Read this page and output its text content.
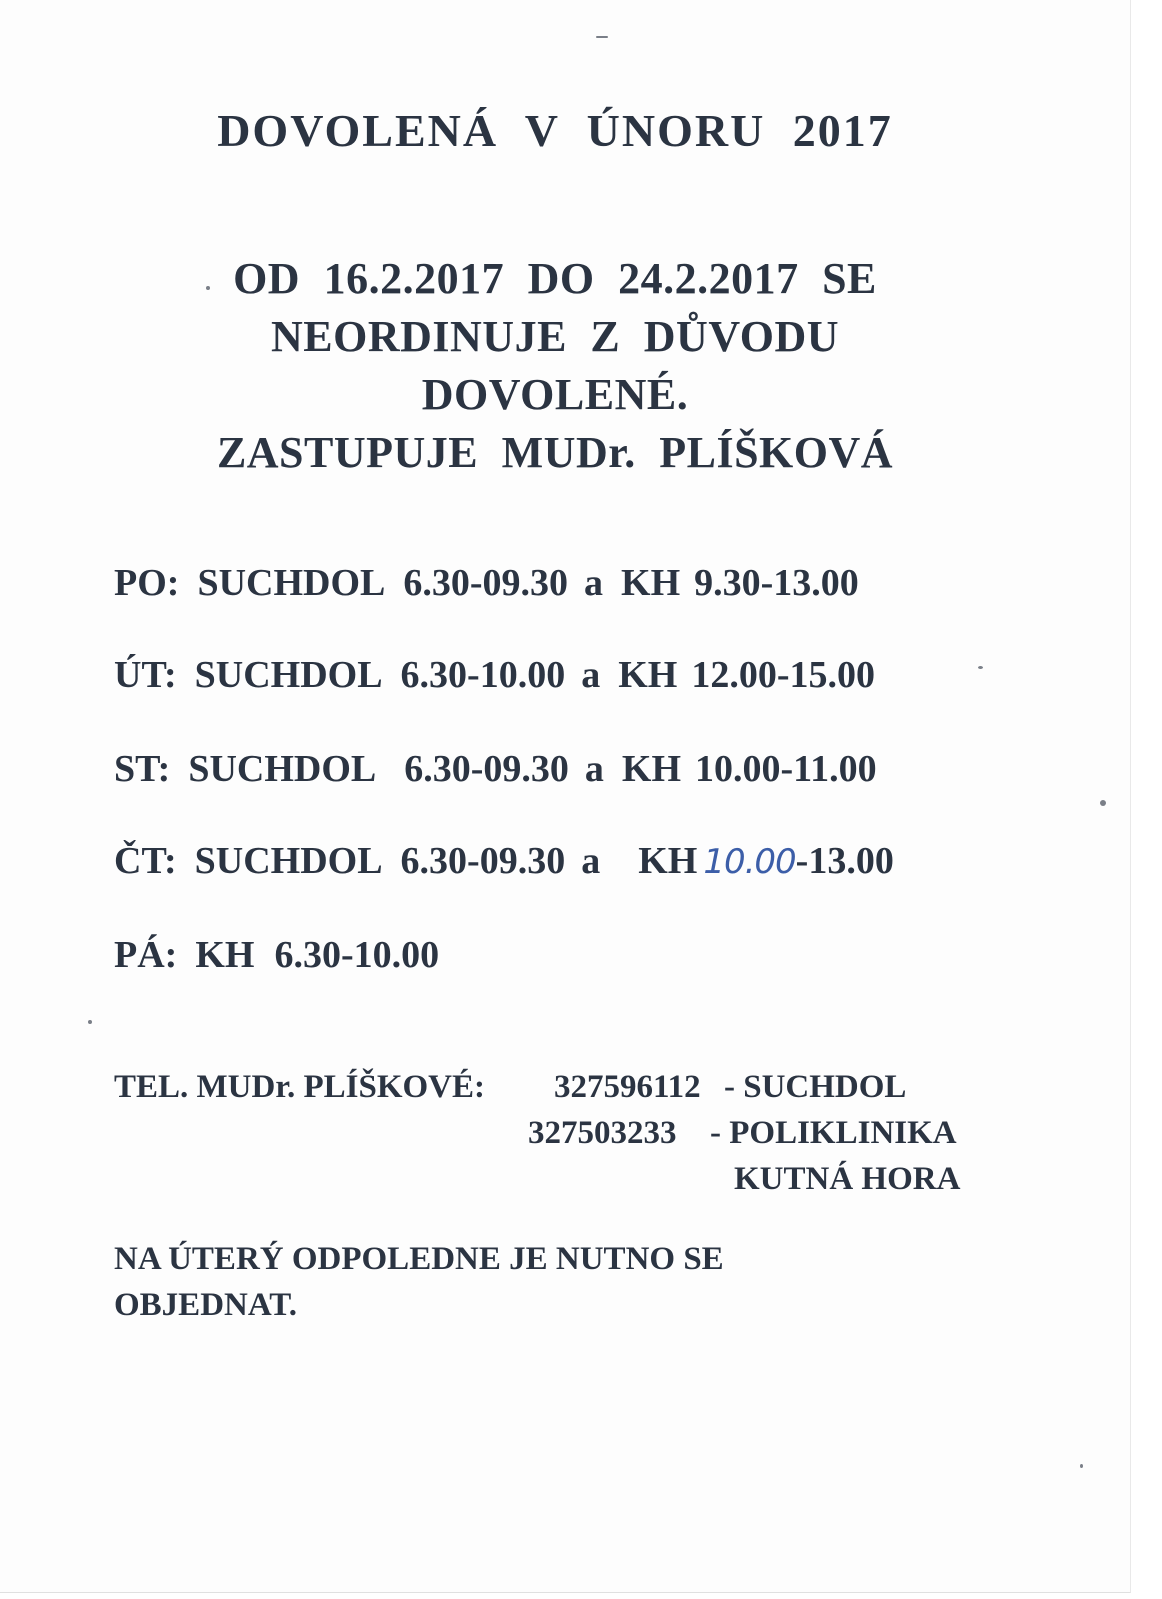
DOVOLENÁ V ÚNORU 2017
OD 16.2.2017 DO 24.2.2017 SE
NEORDINUJE Z DŮVODU
DOVOLENÉ.
ZASTUPUJE MUDr. PLÍŠKOVÁ
PO: SUCHDOL 6.30-09.30 a KH 9.30-13.00
ÚT: SUCHDOL 6.30-10.00 a KH 12.00-15.00
ST: SUCHDOL 6.30-09.30 a KH 10.00-11.00
ČT: SUCHDOL 6.30-09.30 a KH 10.00-13.00
PÁ: KH 6.30-10.00
TEL. MUDr. PLÍŠKOVÉ: 327596112 - SUCHDOL
327503233 - POLIKLINIKA
KUTNÁ HORA
NA ÚTERÝ ODPOLEDNE JE NUTNO SE
OBJEDNAT.
